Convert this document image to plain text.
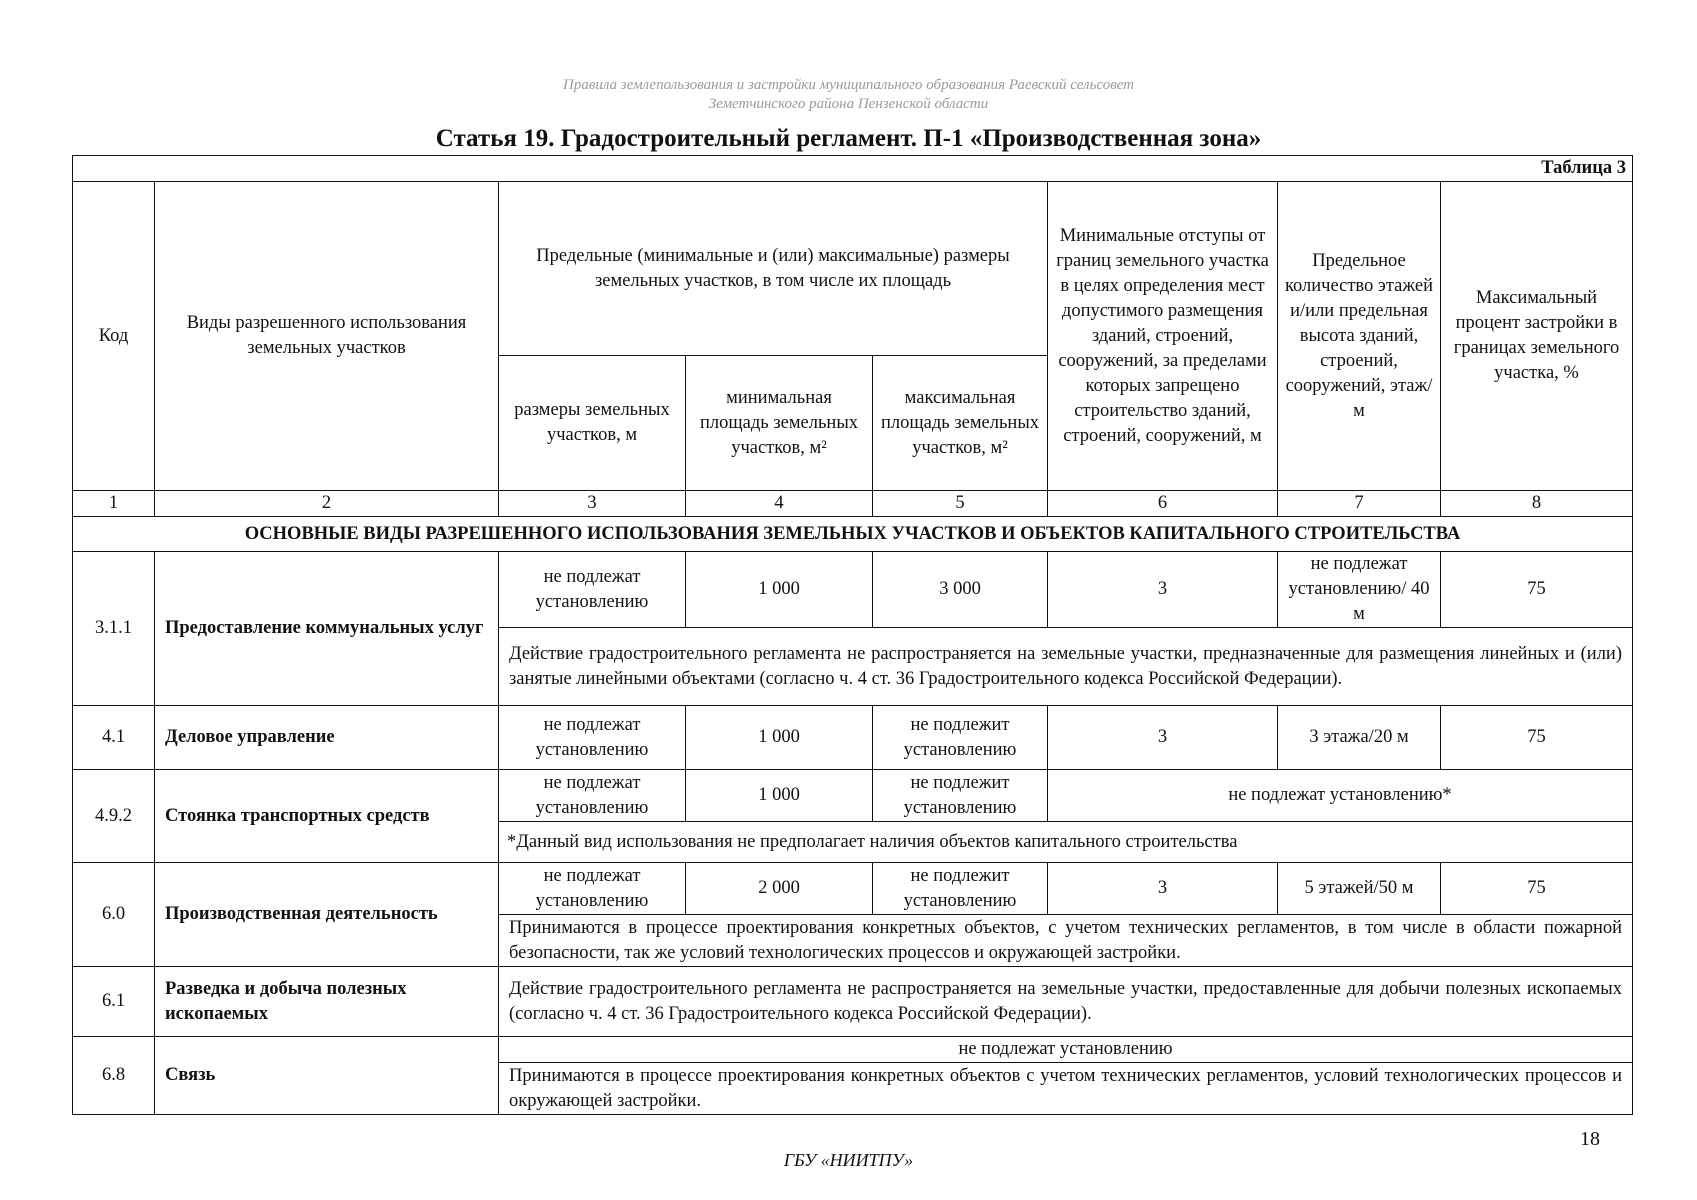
Правила землепользования и застройки муниципального образования Раевский сельсовет
Земетчинского района Пензенской области
Статья 19. Градостроительный регламент. П-1 «Производственная зона»
Таблица 3							
Код	Виды разрешенного использования земельных участков	Предельные (минимальные и (или) максимальные) размеры земельных участков, в том числе их площадь			Минимальные отступы от границ земельного участка в целях определения мест допустимого размещения зданий, строений, сооружений, за пределами которых запрещено строительство зданий, строений, сооружений, м	Предельное количество этажей и/или предельная высота зданий, строений, сооружений, этаж/м	Максимальный процент застройки в границах земельного участка, %
		размеры земельных участков, м	минимальная площадь земельных участков, м²	максимальная площадь земельных участков, м²			
1	2	3	4	5	6	7	8
ОСНОВНЫЕ ВИДЫ РАЗРЕШЕННОГО ИСПОЛЬЗОВАНИЯ ЗЕМЕЛЬНЫХ УЧАСТКОВ И ОБЪЕКТОВ КАПИТАЛЬНОГО СТРОИТЕЛЬСТВА							
3.1.1	Предоставление коммунальных услуг	не подлежат установлению	1 000	3 000	3	не подлежат установлению/ 40 м	75
		Действие градостроительного регламента не распространяется на земельные участки, предназначенные для размещения линейных и (или) занятые линейными объектами (согласно ч. 4 ст. 36 Градостроительного кодекса Российской Федерации).					
4.1	Деловое управление	не подлежат установлению	1 000	не подлежит установлению	3	3 этажа/20 м	75
4.9.2	Стоянка транспортных средств	не подлежат установлению	1 000	не подлежит установлению	не подлежат установлению*		
		*Данный вид использования не предполагает наличия объектов капитального строительства					
6.0	Производственная деятельность	не подлежат установлению	2 000	не подлежит установлению	3	5 этажей/50 м	75
		Принимаются в процессе проектирования конкретных объектов, с учетом технических регламентов, в том числе в области пожарной безопасности, так же условий технологических процессов и окружающей застройки.					
6.1	Разведка и добыча полезных ископаемых	Действие градостроительного регламента не распространяется на земельные участки, предоставленные для добычи полезных ископаемых (согласно ч. 4 ст. 36 Градостроительного кодекса Российской Федерации).					
6.8	Связь	не подлежат установлению					
		Принимаются в процессе проектирования конкретных объектов с учетом технических регламентов, условий технологических процессов и окружающей застройки.					
18
ГБУ «НИИТПУ»
